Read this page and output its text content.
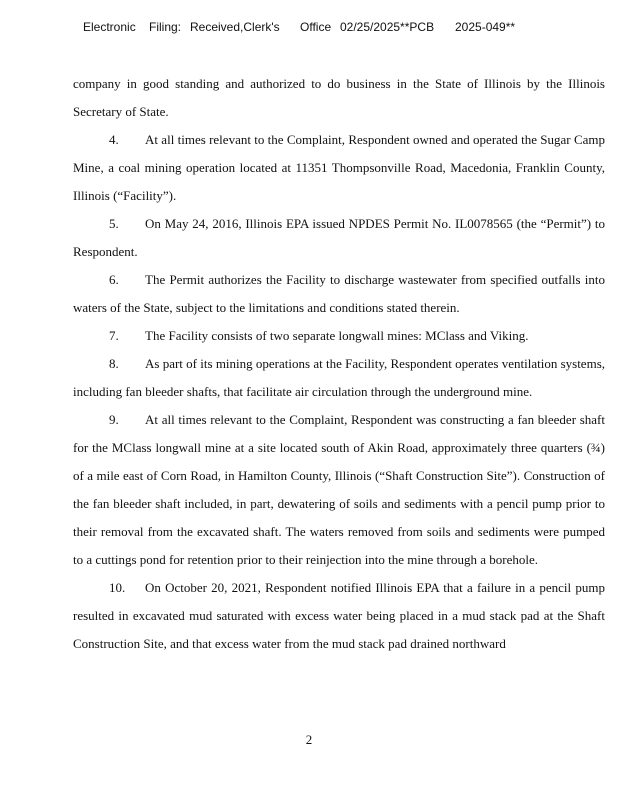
Electronic Filing: Received,Clerk's Office 02/25/2025**PCB 2025-049**

company in good standing and authorized to do business in the State of Illinois by the Illinois Secretary of State.

4. At all times relevant to the Complaint, Respondent owned and operated the Sugar Camp Mine, a coal mining operation located at 11351 Thompsonville Road, Macedonia, Franklin County, Illinois (“Facility”).

5. On May 24, 2016, Illinois EPA issued NPDES Permit No. IL0078565 (the “Permit”) to Respondent.

6. The Permit authorizes the Facility to discharge wastewater from specified outfalls into waters of the State, subject to the limitations and conditions stated therein.

7. The Facility consists of two separate longwall mines: MClass and Viking.

8. As part of its mining operations at the Facility, Respondent operates ventilation systems, including fan bleeder shafts, that facilitate air circulation through the underground mine.

9. At all times relevant to the Complaint, Respondent was constructing a fan bleeder shaft for the MClass longwall mine at a site located south of Akin Road, approximately three quarters (¾) of a mile east of Corn Road, in Hamilton County, Illinois (“Shaft Construction Site”). Construction of the fan bleeder shaft included, in part, dewatering of soils and sediments with a pencil pump prior to their removal from the excavated shaft. The waters removed from soils and sediments were pumped to a cuttings pond for retention prior to their reinjection into the mine through a borehole.

10. On October 20, 2021, Respondent notified Illinois EPA that a failure in a pencil pump resulted in excavated mud saturated with excess water being placed in a mud stack pad at the Shaft Construction Site, and that excess water from the mud stack pad drained northward

2
